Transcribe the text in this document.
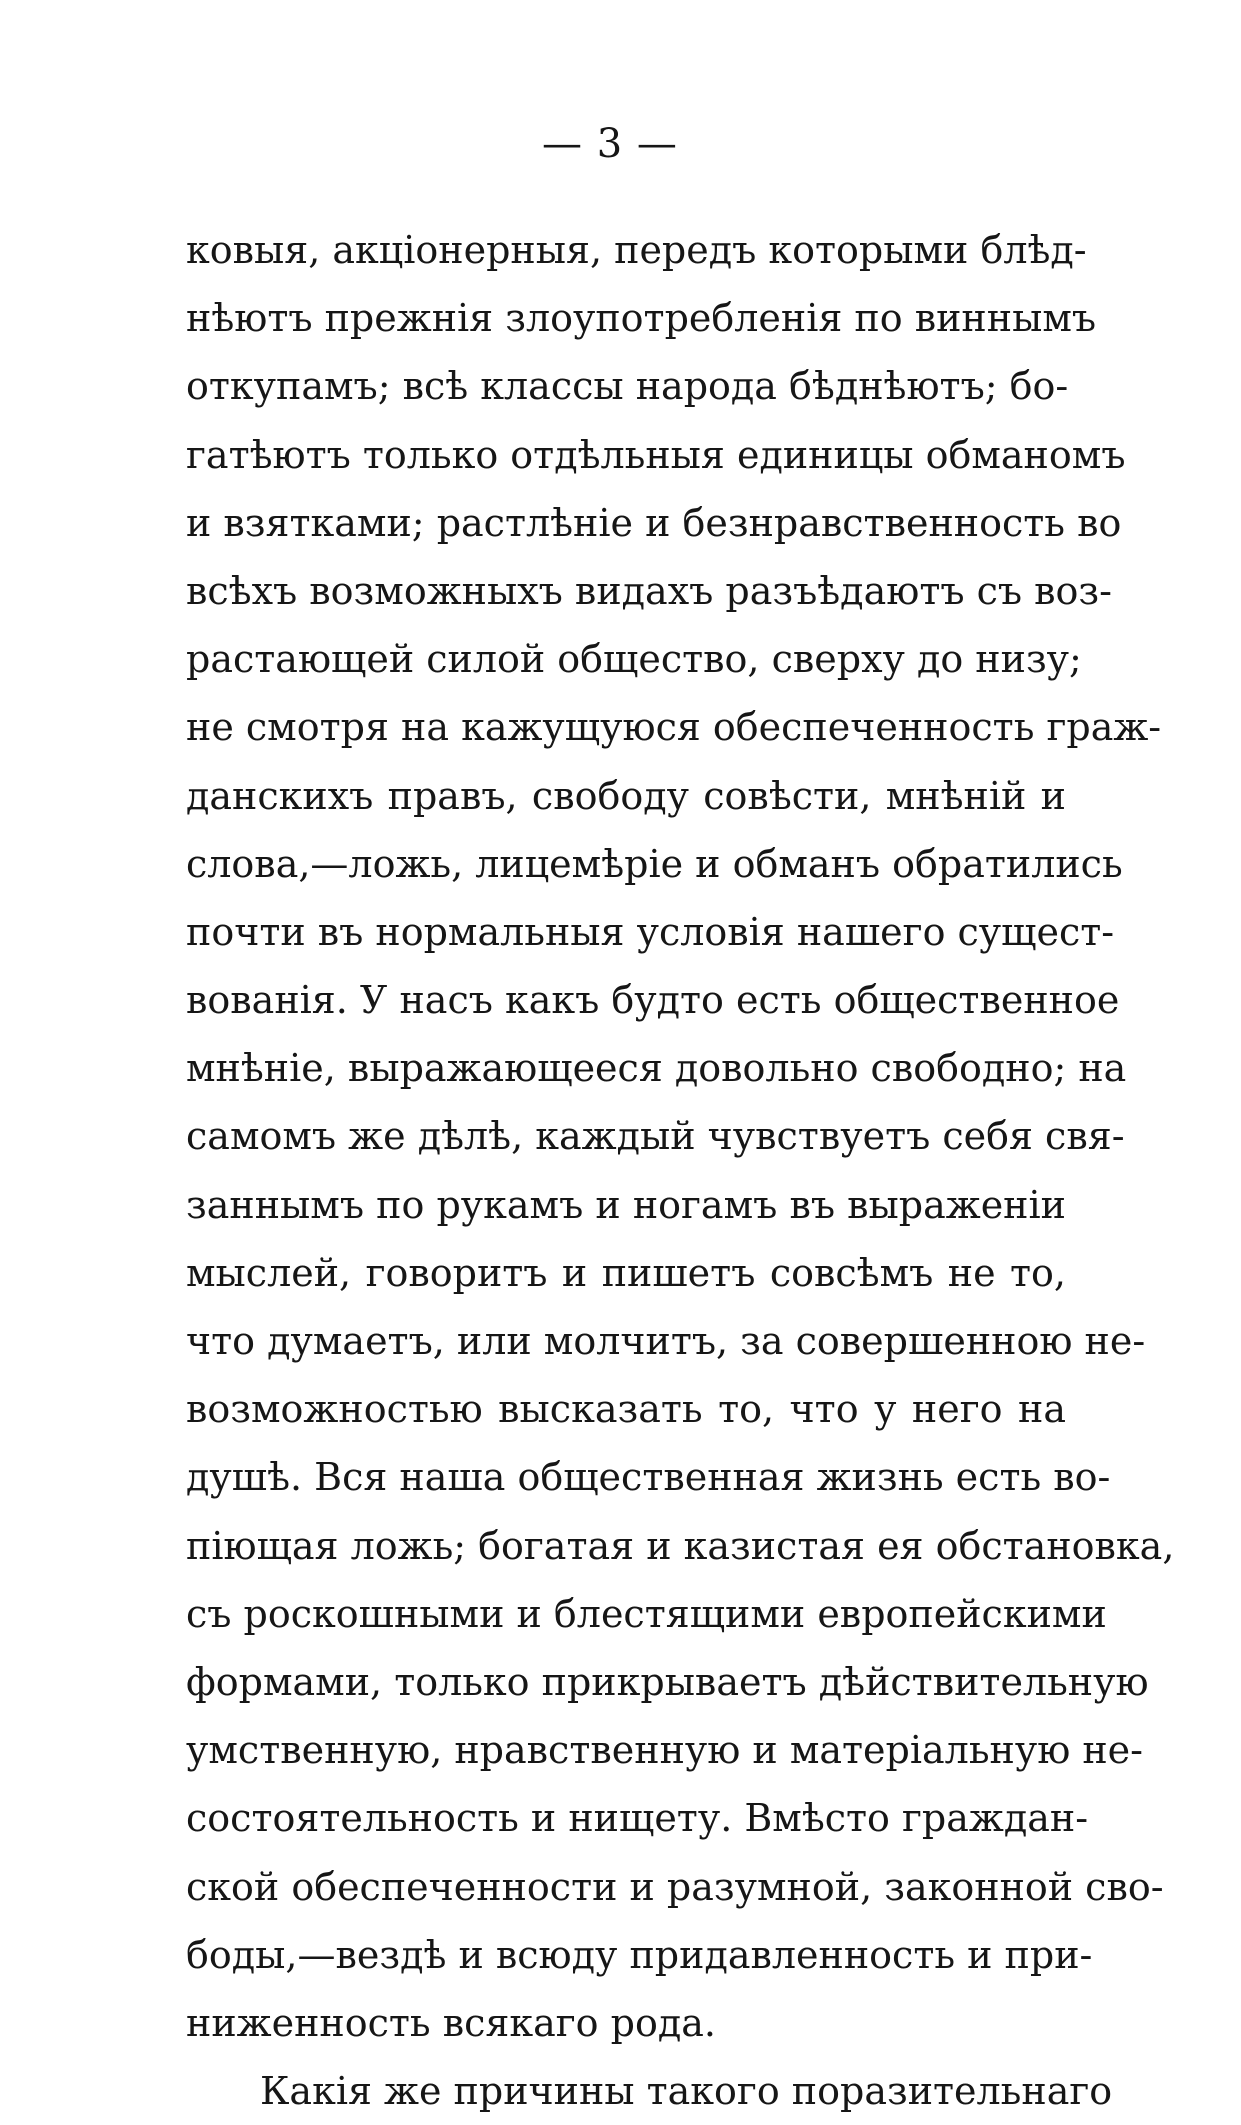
— 3 —
ковыя, акціонерныя, передъ которыми блѣд-
нѣютъ прежнія злоупотребленія по виннымъ
откупамъ; всѣ классы народа бѣднѣютъ; бо-
гатѣютъ только отдѣльныя единицы обманомъ
и взятками; растлѣніе и безнравственность во
всѣхъ возможныхъ видахъ разъѣдаютъ съ воз-
растающей силой общество, сверху до низу;
не смотря на кажущуюся обеспеченность граж-
данскихъ правъ, свободу совѣсти, мнѣній и
слова,—ложь, лицемѣріе и обманъ обратились
почти въ нормальныя условія нашего сущест-
вованія. У насъ какъ будто есть общественное
мнѣніе, выражающееся довольно свободно; на
самомъ же дѣлѣ, каждый чувствуетъ себя свя-
заннымъ по рукамъ и ногамъ въ выраженіи
мыслей, говоритъ и пишетъ совсѣмъ не то,
что думаетъ, или молчитъ, за совершенною не-
возможностью высказать то, что у него на
душѣ. Вся наша общественная жизнь есть во-
піющая ложь; богатая и казистая ея обстановка,
съ роскошными и блестящими европейскими
формами, только прикрываетъ дѣйствительную
умственную, нравственную и матеріальную не-
состоятельность и нищету. Вмѣсто граждан-
ской обеспеченности и разумной, законной сво-
боды,—вездѣ и всюду придавленность и при-
ниженность всякаго рода.
Какія же причины такого поразительнаго
